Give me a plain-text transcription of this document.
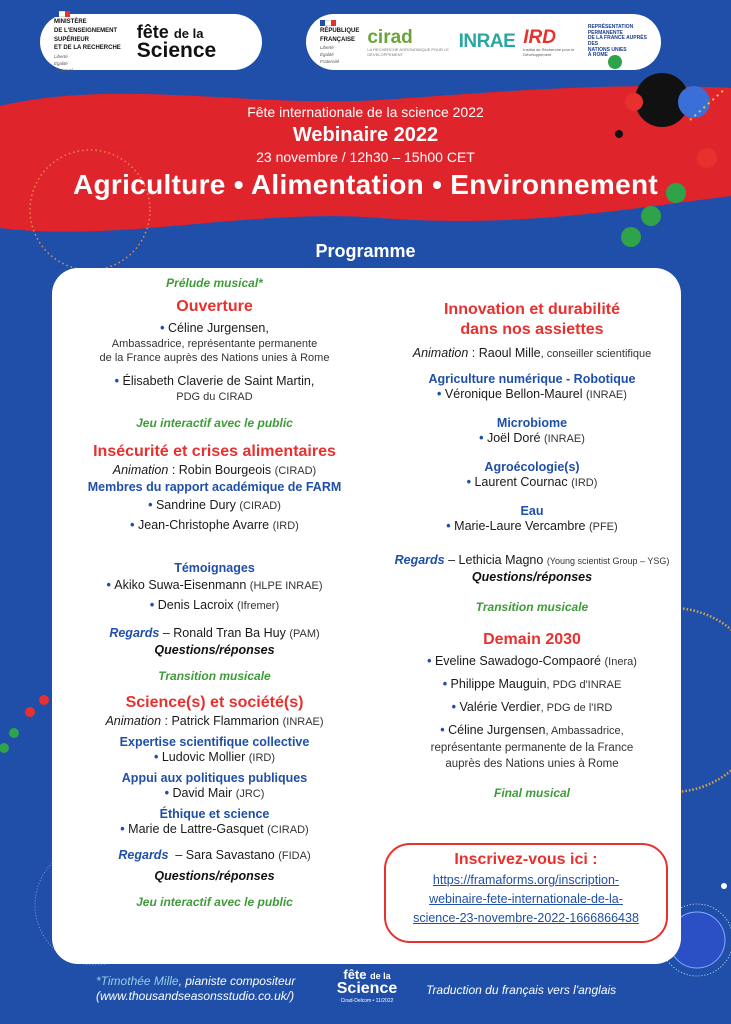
MINISTÈRE
DE L'ENSEIGNEMENT
SUPÉRIEUR
ET DE LA RECHERCHE
Liberté
Égalité
Fraternité
fête de la
Science
RÉPUBLIQUE
FRANÇAISE
Liberté
Égalité
Fraternité
cirad
LA RECHERCHE AGRONOMIQUE POUR LE DÉVELOPPEMENT
INRAE IRD
Institut de Recherche pour le Développement
REPRÉSENTATION PERMANENTE
DE LA FRANCE AUPRÈS DES
NATIONS UNIES
À ROME
Fête internationale de la science 2022
Webinaire 2022
23 novembre / 12h30 – 15h00 CET
Agriculture • Alimentation • Environnement
Programme
Prélude musical*
Ouverture
• Céline Jurgensen,
Ambassadrice, représentante permanente
de la France auprès des Nations unies à Rome
• Élisabeth Claverie de Saint Martin,
PDG du CIRAD
Jeu interactif avec le public
Insécurité et crises alimentaires
Animation : Robin Bourgeois (CIRAD)
Membres du rapport académique de FARM
• Sandrine Dury (CIRAD)
• Jean-Christophe Avarre (IRD)
Témoignages
• Akiko Suwa-Eisenmann (HLPE INRAE)
• Denis Lacroix (Ifremer)
Regards – Ronald Tran Ba Huy (PAM)
Questions/réponses
Transition musicale
Science(s) et société(s)
Animation : Patrick Flammarion (INRAE)
Expertise scientifique collective
• Ludovic Mollier (IRD)
Appui aux politiques publiques
• David Mair (JRC)
Éthique et science
• Marie de Lattre-Gasquet (CIRAD)
Regards  – Sara Savastano (FIDA)
Questions/réponses
Jeu interactif avec le public
Innovation et durabilité
dans nos assiettes
Animation : Raoul Mille, conseiller scientifique
Agriculture numérique - Robotique
• Véronique Bellon-Maurel (INRAE)
Microbiome
• Joël Doré (INRAE)
Agroécologie(s)
• Laurent Cournac (IRD)
Eau
• Marie-Laure Vercambre (PFE)
Regards – Lethicia Magno (Young scientist Group – YSG)
Questions/réponses
Transition musicale
Demain 2030
• Eveline Sawadogo-Compaoré (Inera)
• Philippe Mauguin, PDG d'INRAE
• Valérie Verdier, PDG de l'IRD
• Céline Jurgensen, Ambassadrice,
représentante permanente de la France
auprès des Nations unies à Rome
Final musical
Inscrivez-vous ici :
https://framaforms.org/inscription-
webinaire-fete-internationale-de-la-
science-23-novembre-2022-1666866438
*Timothée Mille, pianiste compositeur
(www.thousandseasonsstudio.co.uk/)
fête de la
Science
Cirad-Delcom • 11/2022
Traduction du français vers l'anglais
